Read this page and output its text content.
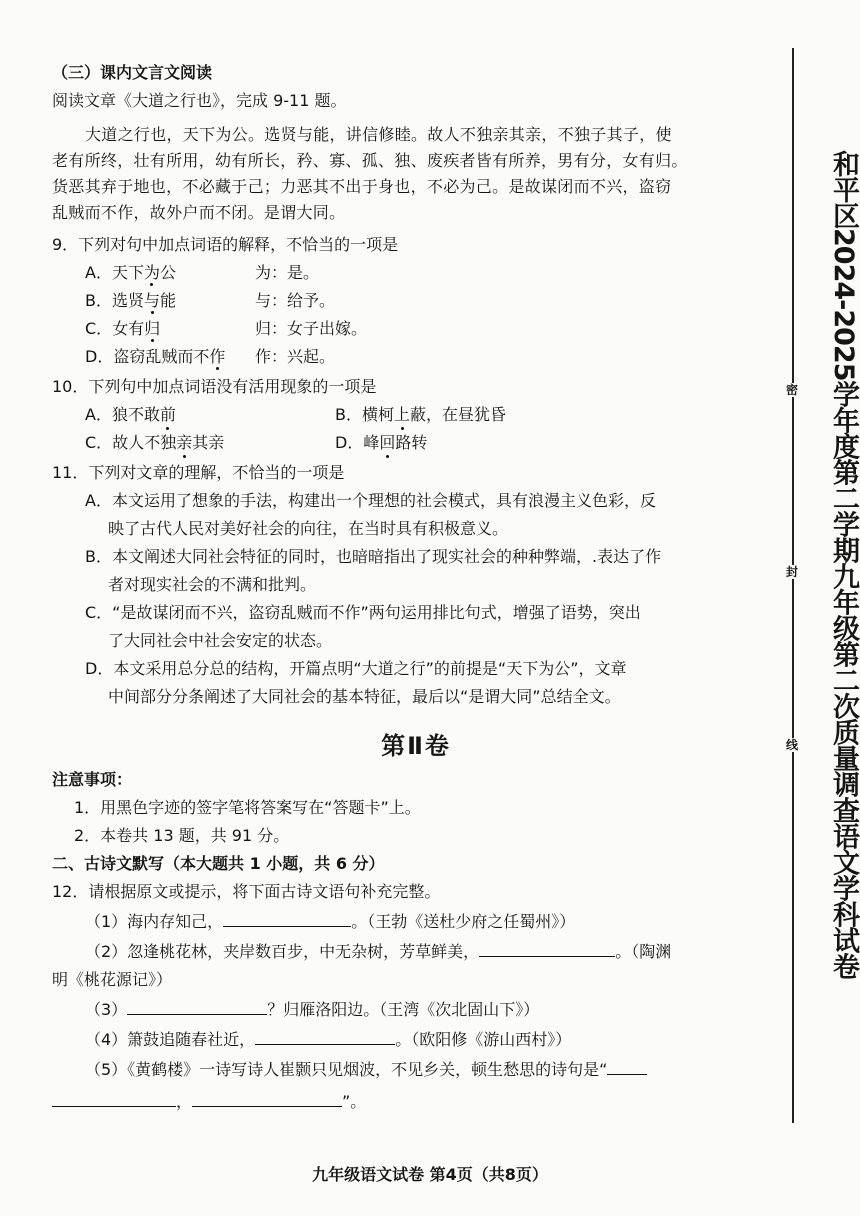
密
封
线 和平区2024-2025学年度第二学期九年级第二次质量调查语文学科试卷
（三）课内文言文阅读
阅读文章《大道之行也》，完成 9-11 题。
大道之行也，天下为公。选贤与能，讲信修睦。故人不独亲其亲，不独子其子，使
老有所终，壮有所用，幼有所长，矜、寡、孤、独、废疾者皆有所养，男有分，女有归。
货恶其弃于地也，不必藏于己；力恶其不出于身也，不必为己。是故谋闭而不兴，盗窃
乱贼而不作，故外户而不闭。是谓大同。
9．下列对句中加点词语的解释，不恰当的一项是
A．天下为公	为：是。
B．选贤与能	与：给予。
C．女有归	归：女子出嫁。
D．盗窃乱贼而不作 作：兴起。
10．下列句中加点词语没有活用现象的一项是
A．狼不敢前	B．横柯上蔽，在昼犹昏
C．故人不独亲其亲	D．峰回路转
11．下列对文章的理解，不恰当的一项是
A．本文运用了想象的手法，构建出一个理想的社会模式，具有浪漫主义色彩，反
映了古代人民对美好社会的向往，在当时具有积极意义。
B．本文阐述大同社会特征的同时，也暗暗指出了现实社会的种种弊端，.表达了作
者对现实社会的不满和批判。
C．“是故谋闭而不兴，盗窃乱贼而不作”两句运用排比句式，增强了语势，突出
了大同社会中社会安定的状态。
D．本文采用总分总的结构，开篇点明“大道之行”的前提是“天下为公”，文章
中间部分分条阐述了大同社会的基本特征，最后以“是谓大同”总结全文。
第Ⅱ卷
注意事项：
1．用黑色字迹的签字笔将答案写在“答题卡”上。
2．本卷共 13 题，共 91 分。
二、古诗文默写（本大题共 1 小题，共 6 分）
12．请根据原文或提示，将下面古诗文语句补充完整。
（1）海内存知己，	。（王勃《送杜少府之任蜀州》）
（2）忽逢桃花林，夹岸数百步，中无杂树，芳草鲜美，	。（陶渊
明《桃花源记》）
（3）	？归雁洛阳边。（王湾《次北固山下》）
（4）箫鼓追随春社近，	。（欧阳修《游山西村》）
（5）《黄鹤楼》一诗写诗人崔颢只见烟波，不见乡关，顿生愁思的诗句是“
，	”。
九年级语文试卷 第4页（共8页）
